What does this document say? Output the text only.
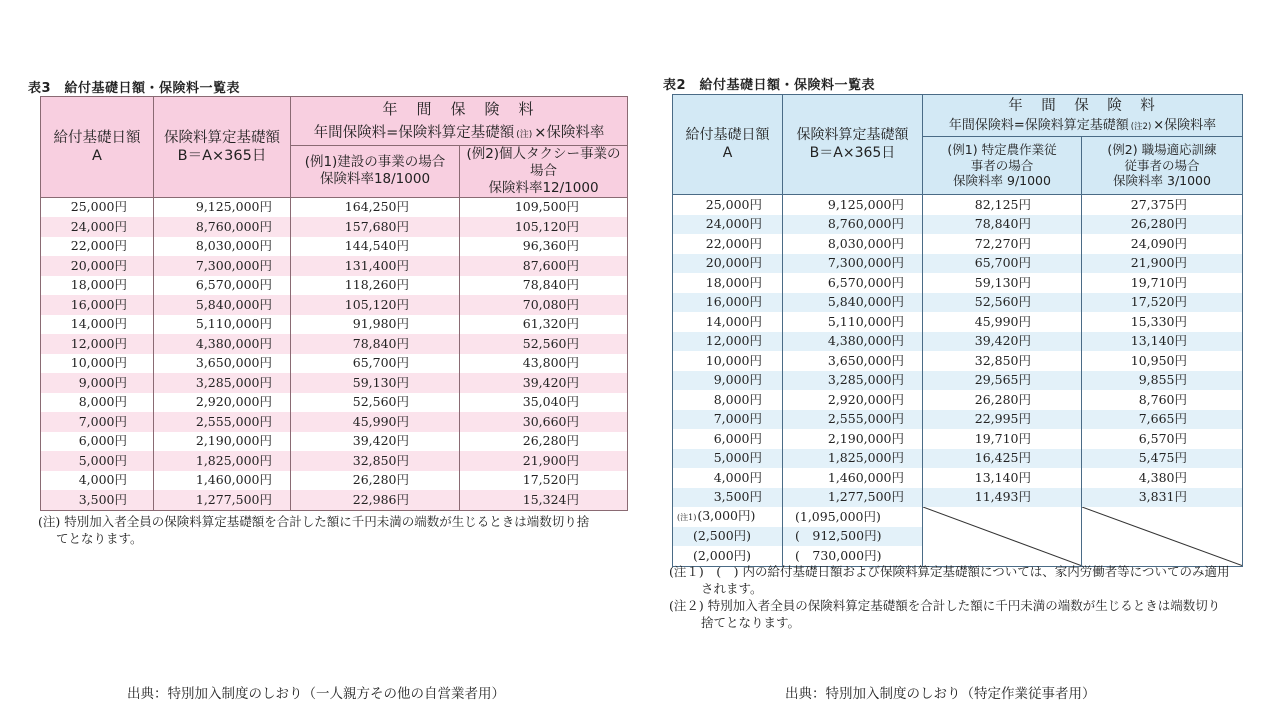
表3　給付基礎日額・保険料一覧表
給付基礎日額
A	保険料算定基礎額
B＝A×365日	年　間　保　険　料	
		年間保険料=保険料算定基礎額 (注) ×保険料率	
		(例1)建設の事業の場合
保険料率18/1000	(例2)個人タクシー事業の場合
保険料率12/1000
25,000円	9,125,000円	164,250円	109,500円
24,000円	8,760,000円	157,680円	105,120円
22,000円	8,030,000円	144,540円	96,360円
20,000円	7,300,000円	131,400円	87,600円
18,000円	6,570,000円	118,260円	78,840円
16,000円	5,840,000円	105,120円	70,080円
14,000円	5,110,000円	91,980円	61,320円
12,000円	4,380,000円	78,840円	52,560円
10,000円	3,650,000円	65,700円	43,800円
9,000円	3,285,000円	59,130円	39,420円
8,000円	2,920,000円	52,560円	35,040円
7,000円	2,555,000円	45,990円	30,660円
6,000円	2,190,000円	39,420円	26,280円
5,000円	1,825,000円	32,850円	21,900円
4,000円	1,460,000円	26,280円	17,520円
3,500円	1,277,500円	22,986円	15,324円
(注) 特別加入者全員の保険料算定基礎額を合計した額に千円未満の端数が生じるときは端数切り捨
てとなります。
出典：特別加入制度のしおり（一人親方その他の自営業者用）
表2　給付基礎日額・保険料一覧表
給付基礎日額
A	保険料算定基礎額
B＝A×365日	年　間　保　険　料	
		年間保険料=保険料算定基礎額 (注2) ×保険料率	
		(例1) 特定農作業従
事者の場合
保険料率 9/1000	(例2) 職場適応訓練
従事者の場合
保険料率 3/1000
25,000円	9,125,000円	82,125円	27,375円
24,000円	8,760,000円	78,840円	26,280円
22,000円	8,030,000円	72,270円	24,090円
20,000円	7,300,000円	65,700円	21,900円
18,000円	6,570,000円	59,130円	19,710円
16,000円	5,840,000円	52,560円	17,520円
14,000円	5,110,000円	45,990円	15,330円
12,000円	4,380,000円	39,420円	13,140円
10,000円	3,650,000円	32,850円	10,950円
9,000円	3,285,000円	29,565円	9,855円
8,000円	2,920,000円	26,280円	8,760円
7,000円	2,555,000円	22,995円	7,665円
6,000円	2,190,000円	19,710円	6,570円
5,000円	1,825,000円	16,425円	5,475円
4,000円	1,460,000円	13,140円	4,380円
3,500円	1,277,500円	11,493円	3,831円
(注1)(3,000円)	(1,095,000円)	

(2,500円)	(　912,500円)		
(2,000円)	(　730,000円)		
(注１)　(　) 内の給付基礎日額および保険料算定基礎額については、家内労働者等についてのみ適用
されます。
(注２) 特別加入者全員の保険料算定基礎額を合計した額に千円未満の端数が生じるときは端数切り
捨てとなります。
出典：特別加入制度のしおり（特定作業従事者用）
